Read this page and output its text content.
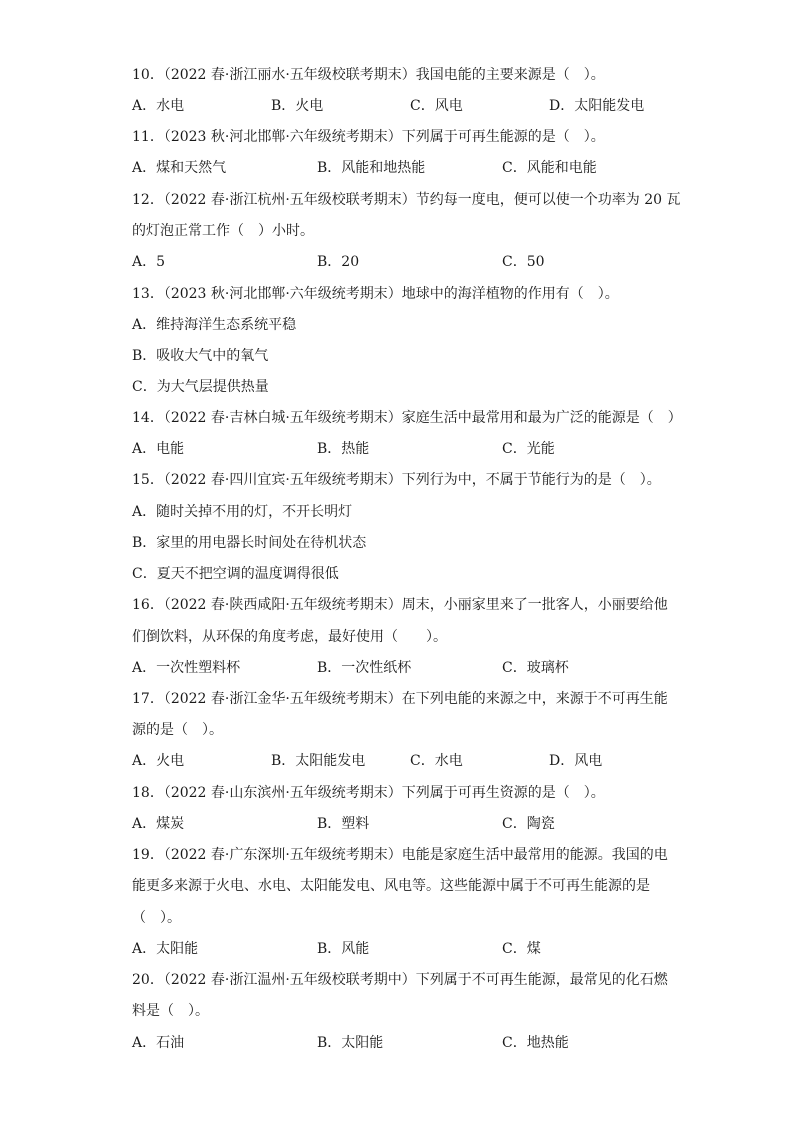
10．（2022 春·浙江丽水·五年级校联考期末）我国电能的主要来源是（　）。
A．水电	B．火电	C．风电	D．太阳能发电
11．（2023 秋·河北邯郸·六年级统考期末）下列属于可再生能源的是（　）。
A．煤和天然气	B．风能和地热能	C．风能和电能
12．（2022 春·浙江杭州·五年级校联考期末）节约每一度电，便可以使一个功率为 20 瓦
的灯泡正常工作（　）小时。
A．5	B．20	C．50
13．（2023 秋·河北邯郸·六年级统考期末）地球中的海洋植物的作用有（　）。
A．维持海洋生态系统平稳
B．吸收大气中的氧气
C．为大气层提供热量
14．（2022 春·吉林白城·五年级统考期末）家庭生活中最常用和最为广泛的能源是（　）
A．电能	B．热能	C．光能
15．（2022 春·四川宜宾·五年级统考期末）下列行为中，不属于节能行为的是（　）。
A．随时关掉不用的灯，不开长明灯
B．家里的用电器长时间处在待机状态
C．夏天不把空调的温度调得很低
16．（2022 春·陕西咸阳·五年级统考期末）周末，小丽家里来了一批客人，小丽要给他
们倒饮料，从环保的角度考虑，最好使用（　　）。
A．一次性塑料杯	B．一次性纸杯	C．玻璃杯
17．（2022 春·浙江金华·五年级统考期末）在下列电能的来源之中，来源于不可再生能
源的是（　）。
A．火电	B．太阳能发电	C．水电	D．风电
18．（2022 春·山东滨州·五年级统考期末）下列属于可再生资源的是（　）。
A．煤炭	B．塑料	C．陶瓷
19．（2022 春·广东深圳·五年级统考期末）电能是家庭生活中最常用的能源。我国的电
能更多来源于火电、水电、太阳能发电、风电等。这些能源中属于不可再生能源的是
（　）。
A．太阳能	B．风能	C．煤
20．（2022 春·浙江温州·五年级校联考期中）下列属于不可再生能源，最常见的化石燃
料是（　）。
A．石油	B．太阳能	C．地热能
